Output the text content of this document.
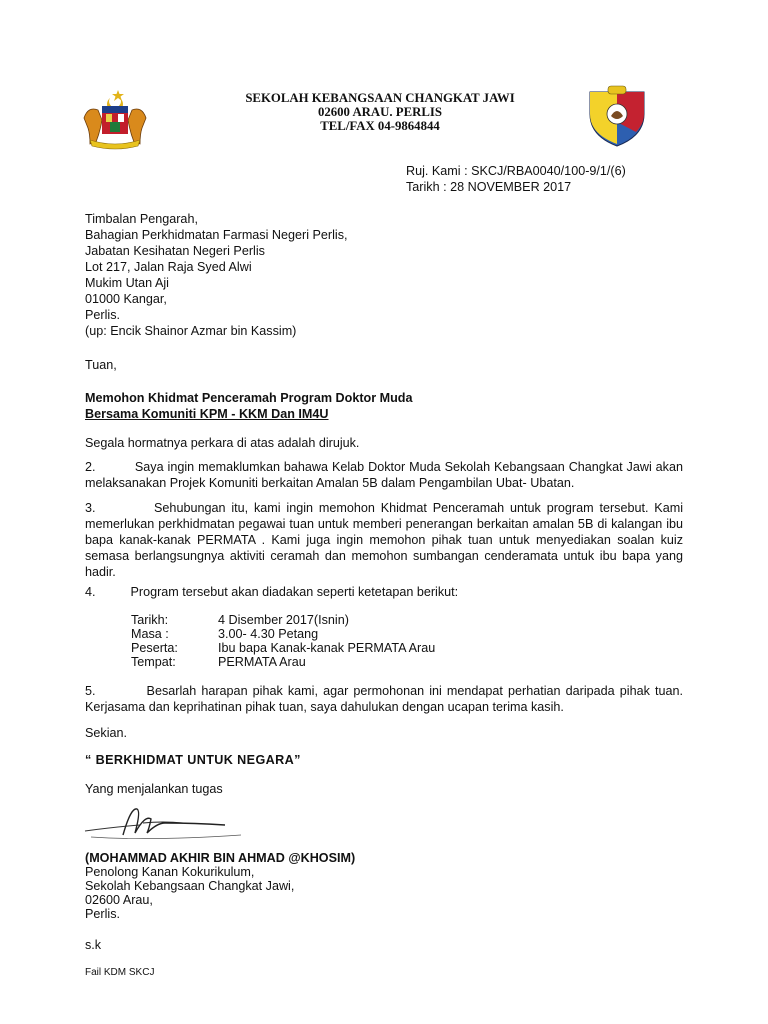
SEKOLAH KEBANGSAAN CHANGKAT JAWI
02600 ARAU. PERLIS
TEL/FAX 04-9864844
Ruj. Kami : SKCJ/RBA0040/100-9/1/(6)
Tarikh : 28 NOVEMBER 2017
Timbalan Pengarah,
Bahagian Perkhidmatan Farmasi Negeri Perlis,
Jabatan Kesihatan Negeri Perlis
Lot 217, Jalan Raja Syed Alwi
Mukim Utan Aji
01000 Kangar,
Perlis.
(up: Encik Shainor Azmar bin Kassim)
Tuan,
Memohon Khidmat Penceramah Program Doktor Muda
Bersama Komuniti KPM - KKM Dan IM4U
Segala hormatnya perkara di atas adalah dirujuk.
2.          Saya ingin memaklumkan bahawa Kelab Doktor Muda Sekolah Kebangsaan Changkat Jawi akan melaksanakan Projek Komuniti berkaitan Amalan 5B dalam Pengambilan Ubat- Ubatan.
3.          Sehubungan itu, kami ingin memohon Khidmat Penceramah untuk program tersebut. Kami memerlukan perkhidmatan pegawai tuan untuk memberi penerangan berkaitan amalan 5B di kalangan ibu bapa kanak-kanak PERMATA . Kami juga ingin memohon pihak tuan untuk menyediakan soalan kuiz semasa berlangsungnya aktiviti ceramah dan memohon sumbangan cenderamata untuk ibu bapa yang hadir.
4.          Program tersebut akan diadakan seperti ketetapan berikut:
Tarikh:	4 Disember 2017(Isnin)
Masa :	3.00- 4.30 Petang
Peserta:	Ibu bapa Kanak-kanak PERMATA Arau
Tempat:	PERMATA Arau
5.          Besarlah harapan pihak kami, agar permohonan ini mendapat perhatian daripada pihak tuan. Kerjasama dan keprihatinan pihak tuan, saya dahulukan dengan ucapan terima kasih.
Sekian.
“ BERKHIDMAT UNTUK NEGARA”
Yang menjalankan tugas
(MOHAMMAD AKHIR BIN AHMAD @KHOSIM)
Penolong Kanan Kokurikulum,
Sekolah Kebangsaan Changkat Jawi,
02600 Arau,
Perlis.
s.k
Fail KDM SKCJ
